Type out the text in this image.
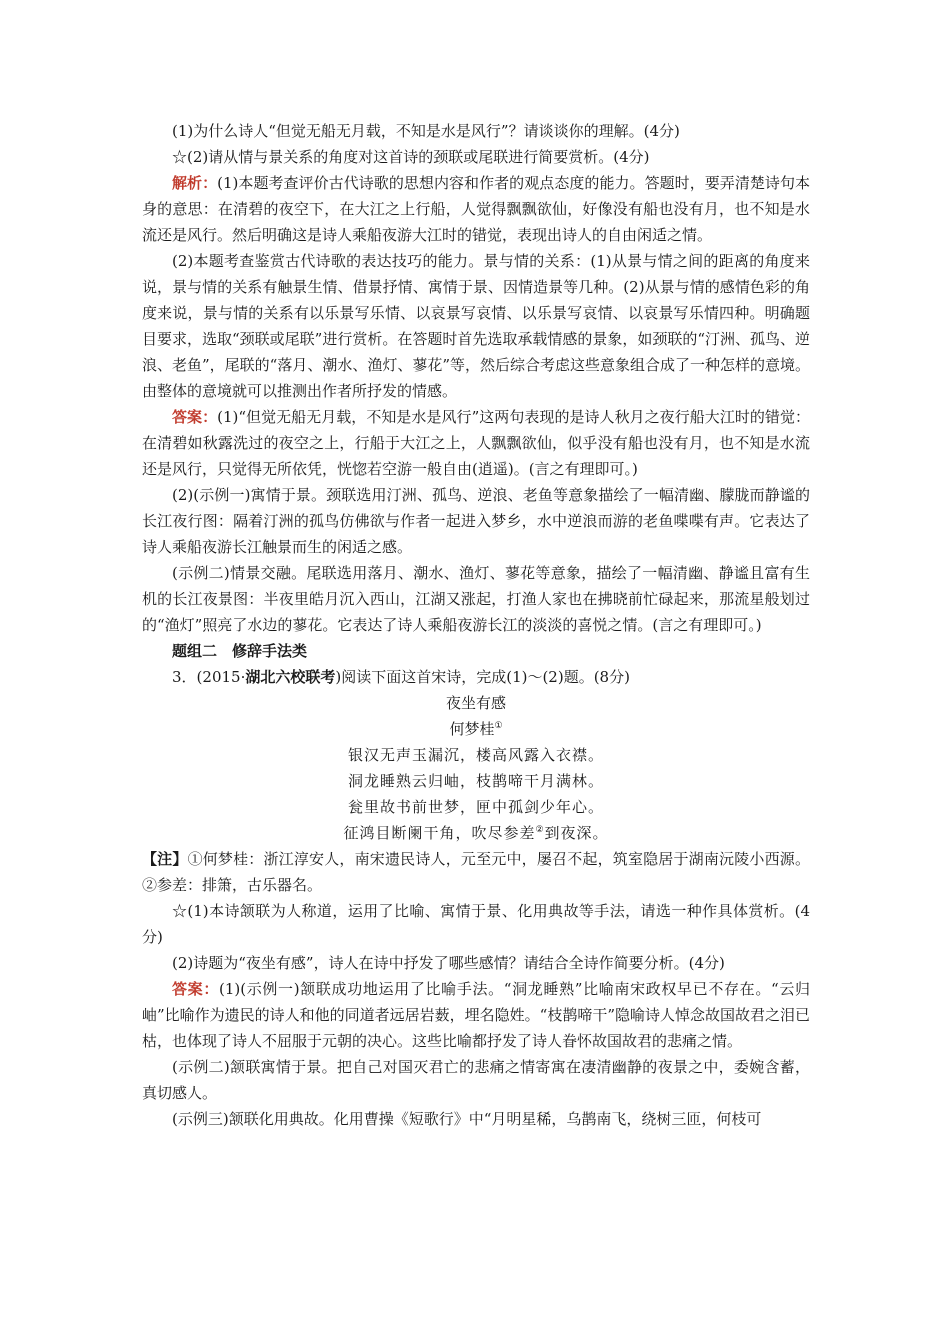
(1)为什么诗人“但觉无船无月载，不知是水是风行”？请谈谈你的理解。(4分)

☆(2)请从情与景关系的角度对这首诗的颈联或尾联进行简要赏析。(4分)

解析：(1)本题考查评价古代诗歌的思想内容和作者的观点态度的能力。答题时，要弄清楚诗句本身的意思：在清碧的夜空下，在大江之上行船，人觉得飘飘欲仙，好像没有船也没有月，也不知是水流还是风行。然后明确这是诗人乘船夜游大江时的错觉，表现出诗人的自由闲适之情。

(2)本题考查鉴赏古代诗歌的表达技巧的能力。景与情的关系：(1)从景与情之间的距离的角度来说，景与情的关系有触景生情、借景抒情、寓情于景、因情造景等几种。(2)从景与情的感情色彩的角度来说，景与情的关系有以乐景写乐情、以哀景写哀情、以乐景写哀情、以哀景写乐情四种。明确题目要求，选取“颈联或尾联”进行赏析。在答题时首先选取承载情感的景象，如颈联的“汀洲、孤鸟、逆浪、老鱼”，尾联的“落月、潮水、渔灯、蓼花”等，然后综合考虑这些意象组合成了一种怎样的意境。由整体的意境就可以推测出作者所抒发的情感。

答案：(1)“但觉无船无月载，不知是水是风行”这两句表现的是诗人秋月之夜行船大江时的错觉：在清碧如秋露洗过的夜空之上，行船于大江之上，人飘飘欲仙，似乎没有船也没有月，也不知是水流还是风行，只觉得无所依凭，恍惚若空游一般自由(逍遥)。(言之有理即可。)

(2)(示例一)寓情于景。颈联选用汀洲、孤鸟、逆浪、老鱼等意象描绘了一幅清幽、朦胧而静谧的长江夜行图：隔着汀洲的孤鸟仿佛欲与作者一起进入梦乡，水中逆浪而游的老鱼喋喋有声。它表达了诗人乘船夜游长江触景而生的闲适之感。

(示例二)情景交融。尾联选用落月、潮水、渔灯、蓼花等意象，描绘了一幅清幽、静谧且富有生机的长江夜景图：半夜里皓月沉入西山，江湖又涨起，打渔人家也在拂晓前忙碌起来，那流星般划过的“渔灯”照亮了水边的蓼花。它表达了诗人乘船夜游长江的淡淡的喜悦之情。(言之有理即可。)

题组二　修辞手法类

3．(2015·湖北六校联考)阅读下面这首宋诗，完成(1)～(2)题。(8分)

夜坐有感

何梦桂①

银汉无声玉漏沉，楼高风露入衣襟。

洞龙睡熟云归岫，枝鹊啼干月满林。

瓮里故书前世梦，匣中孤剑少年心。

征鸿目断阑干角，吹尽参差②到夜深。

【注】①何梦桂：浙江淳安人，南宋遗民诗人，元至元中，屡召不起，筑室隐居于湖南沅陵小西源。②参差：排箫，古乐器名。

☆(1)本诗颔联为人称道，运用了比喻、寓情于景、化用典故等手法，请选一种作具体赏析。(4分)

(2)诗题为“夜坐有感”，诗人在诗中抒发了哪些感情？请结合全诗作简要分析。(4分)

答案：(1)(示例一)颔联成功地运用了比喻手法。“洞龙睡熟”比喻南宋政权早已不存在。“云归岫”比喻作为遗民的诗人和他的同道者远居岩薮，埋名隐姓。“枝鹊啼干”隐喻诗人悼念故国故君之泪已枯，也体现了诗人不屈服于元朝的决心。这些比喻都抒发了诗人眷怀故国故君的悲痛之情。

(示例二)颔联寓情于景。把自己对国灭君亡的悲痛之情寄寓在凄清幽静的夜景之中，委婉含蓄，真切感人。

(示例三)颔联化用典故。化用曹操《短歌行》中“月明星稀，乌鹊南飞，绕树三匝，何枝可
